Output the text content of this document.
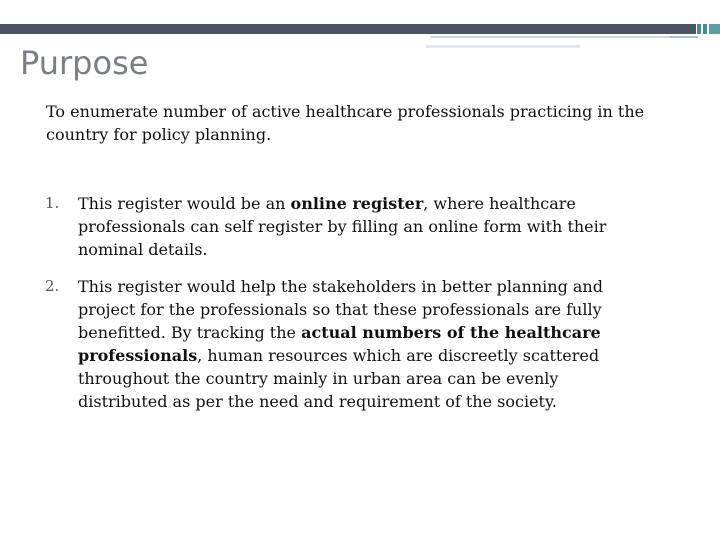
Purpose

To enumerate number of active healthcare professionals practicing in the country for policy planning.

1. This register would be an online register, where healthcare professionals can self register by filling an online form with their nominal details.
2. This register would help the stakeholders in better planning and project for the professionals so that these professionals are fully benefitted. By tracking the actual numbers of the healthcare professionals, human resources which are discreetly scattered throughout the country mainly in urban area can be evenly distributed as per the need and requirement of the society.
